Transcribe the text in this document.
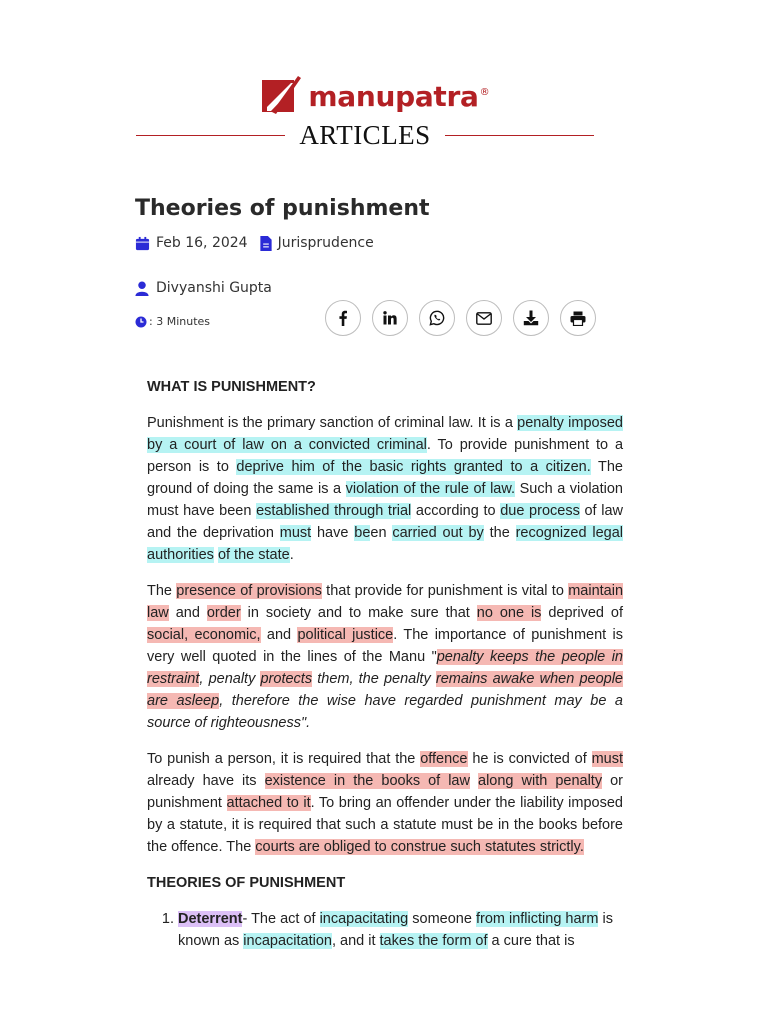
manupatra ®
ARTICLES
Theories of punishment
Feb 16, 2024 Jurisprudence
Divyanshi Gupta
: 3 Minutes
WHAT IS PUNISHMENT?

Punishment is the primary sanction of criminal law. It is a penalty imposed by a court of law on a convicted criminal. To provide punishment to a person is to deprive him of the basic rights granted to a citizen. The ground of doing the same is a violation of the rule of law. Such a violation must have been established through trial according to due process of law and the deprivation must have been carried out by the recognized legal authorities of the state.

The presence of provisions that provide for punishment is vital to maintain law and order in society and to make sure that no one is deprived of social, economic, and political justice. The importance of punishment is very well quoted in the lines of the Manu "penalty keeps the people in restraint, penalty protects them, the penalty remains awake when people are asleep, therefore the wise have regarded punishment may be a source of righteousness".

To punish a person, it is required that the offence he is convicted of must already have its existence in the books of law along with penalty or punishment attached to it. To bring an offender under the liability imposed by a statute, it is required that such a statute must be in the books before the offence. The courts are obliged to construe such statutes strictly.

THEORIES OF PUNISHMENT
1. Deterrent- The act of incapacitating someone from inflicting harm is known as incapacitation, and it takes the form of a cure that is
